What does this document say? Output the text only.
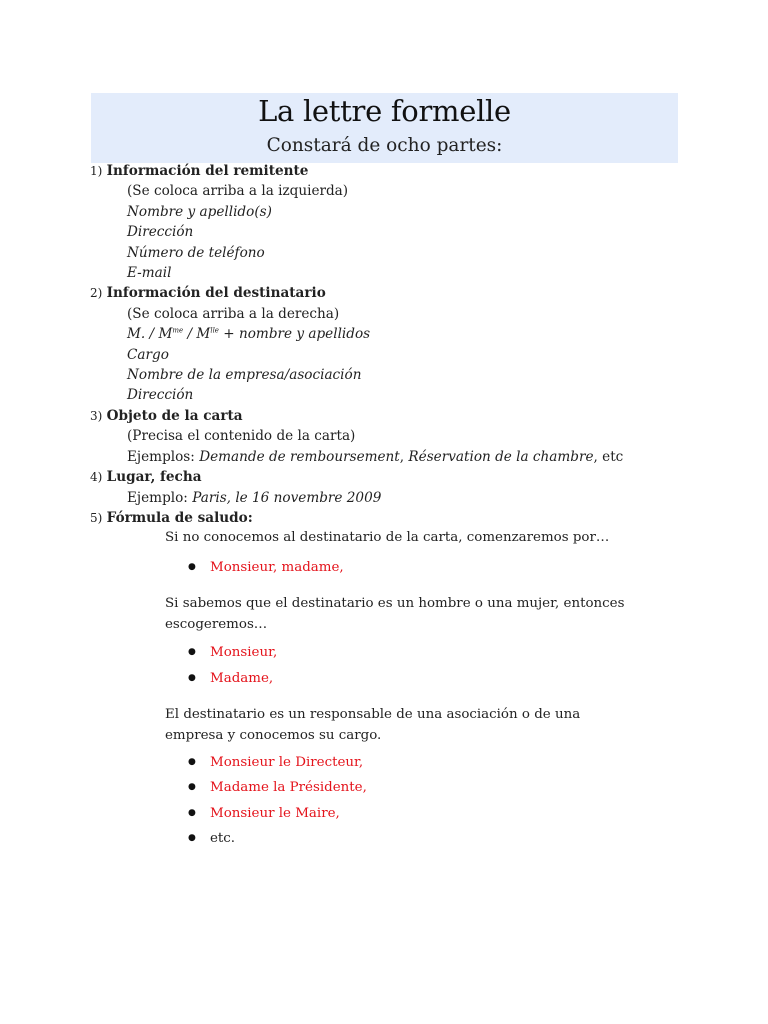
La lettre formelle
Constará de ocho partes:
1) Información del remitente
(Se coloca arriba a la izquierda)
Nombre y apellido(s)
Dirección
Número de teléfono
E-mail
2) Información del destinatario
(Se coloca arriba a la derecha)
M. / $M^{me} / M^{lle}$ + nombre y apellidos
Cargo
Nombre de la empresa/asociación
Dirección
3) Objeto de la carta
(Precisa el contenido de la carta)
Ejemplos: Demande de remboursement, Réservation de la chambre, etc
4) Lugar, fecha
Ejemplo: Paris, le 16 novembre 2009
5) Fórmula de saludo:
Si no conocemos al destinatario de la carta, comenzaremos por…
● Monsieur, madame,
Si sabemos que el destinatario es un hombre o una mujer, entonces escogeremos…
● Monsieur,
● Madame,
El destinatario es un responsable de una asociación o de una empresa y conocemos su cargo.
● Monsieur le Directeur,
● Madame la Présidente,
● Monsieur le Maire,
● etc.
